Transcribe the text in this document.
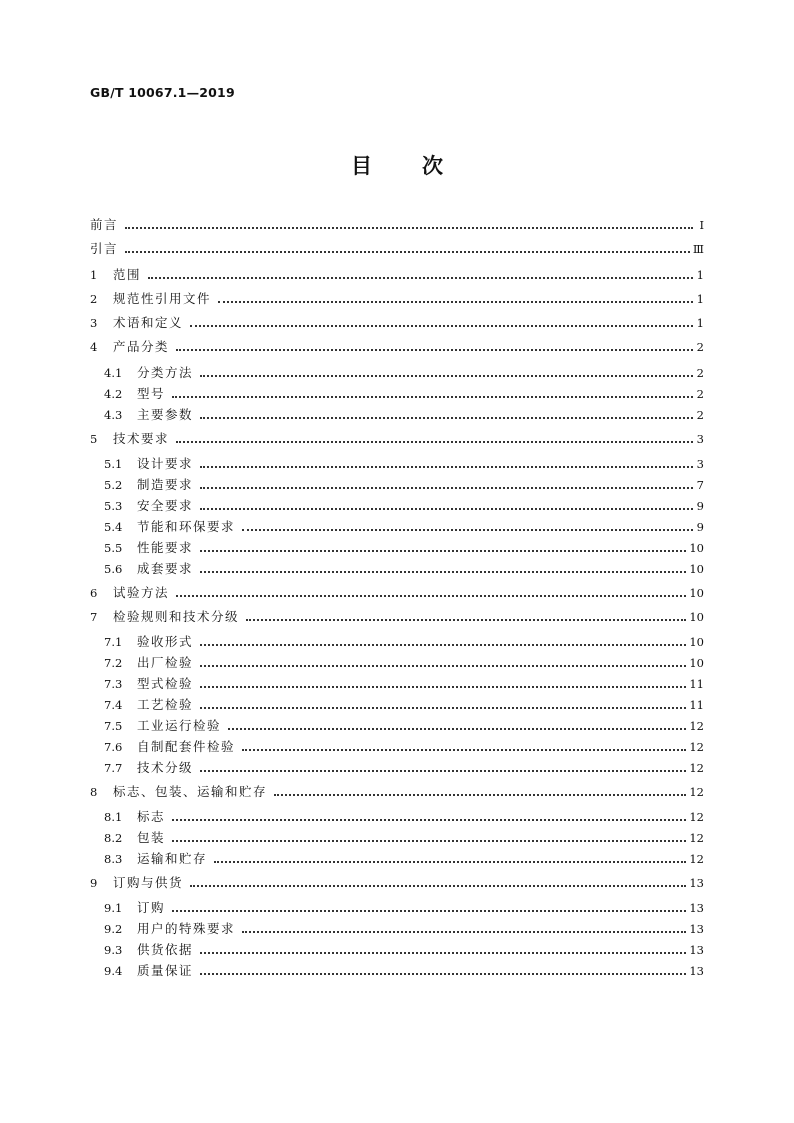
GB/T 10067.1—2019
目 次
前言	Ⅰ
引言	Ⅲ
1	范围	1
2	规范性引用文件	1
3	术语和定义	1
4	产品分类	2
4.1	分类方法	2
4.2	型号	2
4.3	主要参数	2
5	技术要求	3
5.1	设计要求	3
5.2	制造要求	7
5.3	安全要求	9
5.4	节能和环保要求	9
5.5	性能要求	10
5.6	成套要求	10
6	试验方法	10
7	检验规则和技术分级	10
7.1	验收形式	10
7.2	出厂检验	10
7.3	型式检验	11
7.4	工艺检验	11
7.5	工业运行检验	12
7.6	自制配套件检验	12
7.7	技术分级	12
8	标志、包装、运输和贮存	12
8.1	标志	12
8.2	包装	12
8.3	运输和贮存	12
9	订购与供货	13
9.1	订购	13
9.2	用户的特殊要求	13
9.3	供货依据	13
9.4	质量保证	13
